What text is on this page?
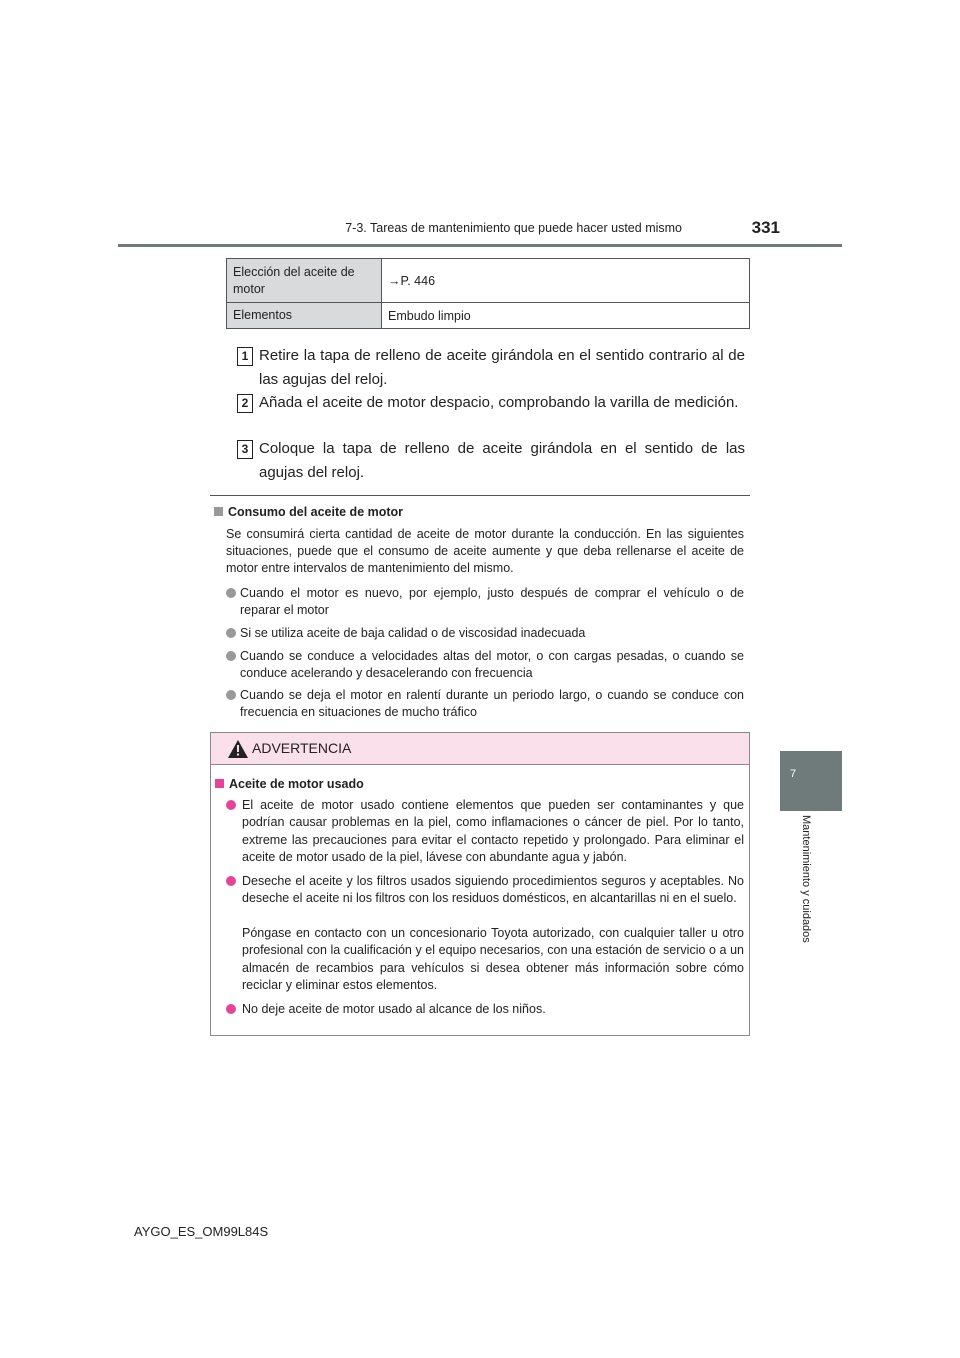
7-3. Tareas de mantenimiento que puede hacer usted mismo	331
7
Mantenimiento y cuidados
Elección del aceite de motor	→P. 446
Elementos	Embudo limpio
1 Retire la tapa de relleno de aceite girándola en el sentido contrario al de las agujas del reloj.
2 Añada el aceite de motor despacio, comprobando la varilla de medición.
3 Coloque la tapa de relleno de aceite girándola en el sentido de las agujas del reloj.
Consumo del aceite de motor
Se consumirá cierta cantidad de aceite de motor durante la conducción. En las siguientes situaciones, puede que el consumo de aceite aumente y que deba rellenarse el aceite de motor entre intervalos de mantenimiento del mismo.
Cuando el motor es nuevo, por ejemplo, justo después de comprar el vehículo o de reparar el motor
Si se utiliza aceite de baja calidad o de viscosidad inadecuada
Cuando se conduce a velocidades altas del motor, o con cargas pesadas, o cuando se conduce acelerando y desacelerando con frecuencia
Cuando se deja el motor en ralentí durante un periodo largo, o cuando se conduce con frecuencia en situaciones de mucho tráfico
ADVERTENCIA
Aceite de motor usado
El aceite de motor usado contiene elementos que pueden ser contaminantes y que podrían causar problemas en la piel, como inflamaciones o cáncer de piel. Por lo tanto, extreme las precauciones para evitar el contacto repetido y prolongado. Para eliminar el aceite de motor usado de la piel, lávese con abundante agua y jabón.
Deseche el aceite y los filtros usados siguiendo procedimientos seguros y aceptables. No deseche el aceite ni los filtros con los residuos domésticos, en alcantarillas ni en el suelo.
Póngase en contacto con un concesionario Toyota autorizado, con cualquier taller u otro profesional con la cualificación y el equipo necesarios, con una estación de servicio o a un almacén de recambios para vehículos si desea obtener más información sobre cómo reciclar y eliminar estos elementos.
No deje aceite de motor usado al alcance de los niños.
AYGO_ES_OM99L84S
